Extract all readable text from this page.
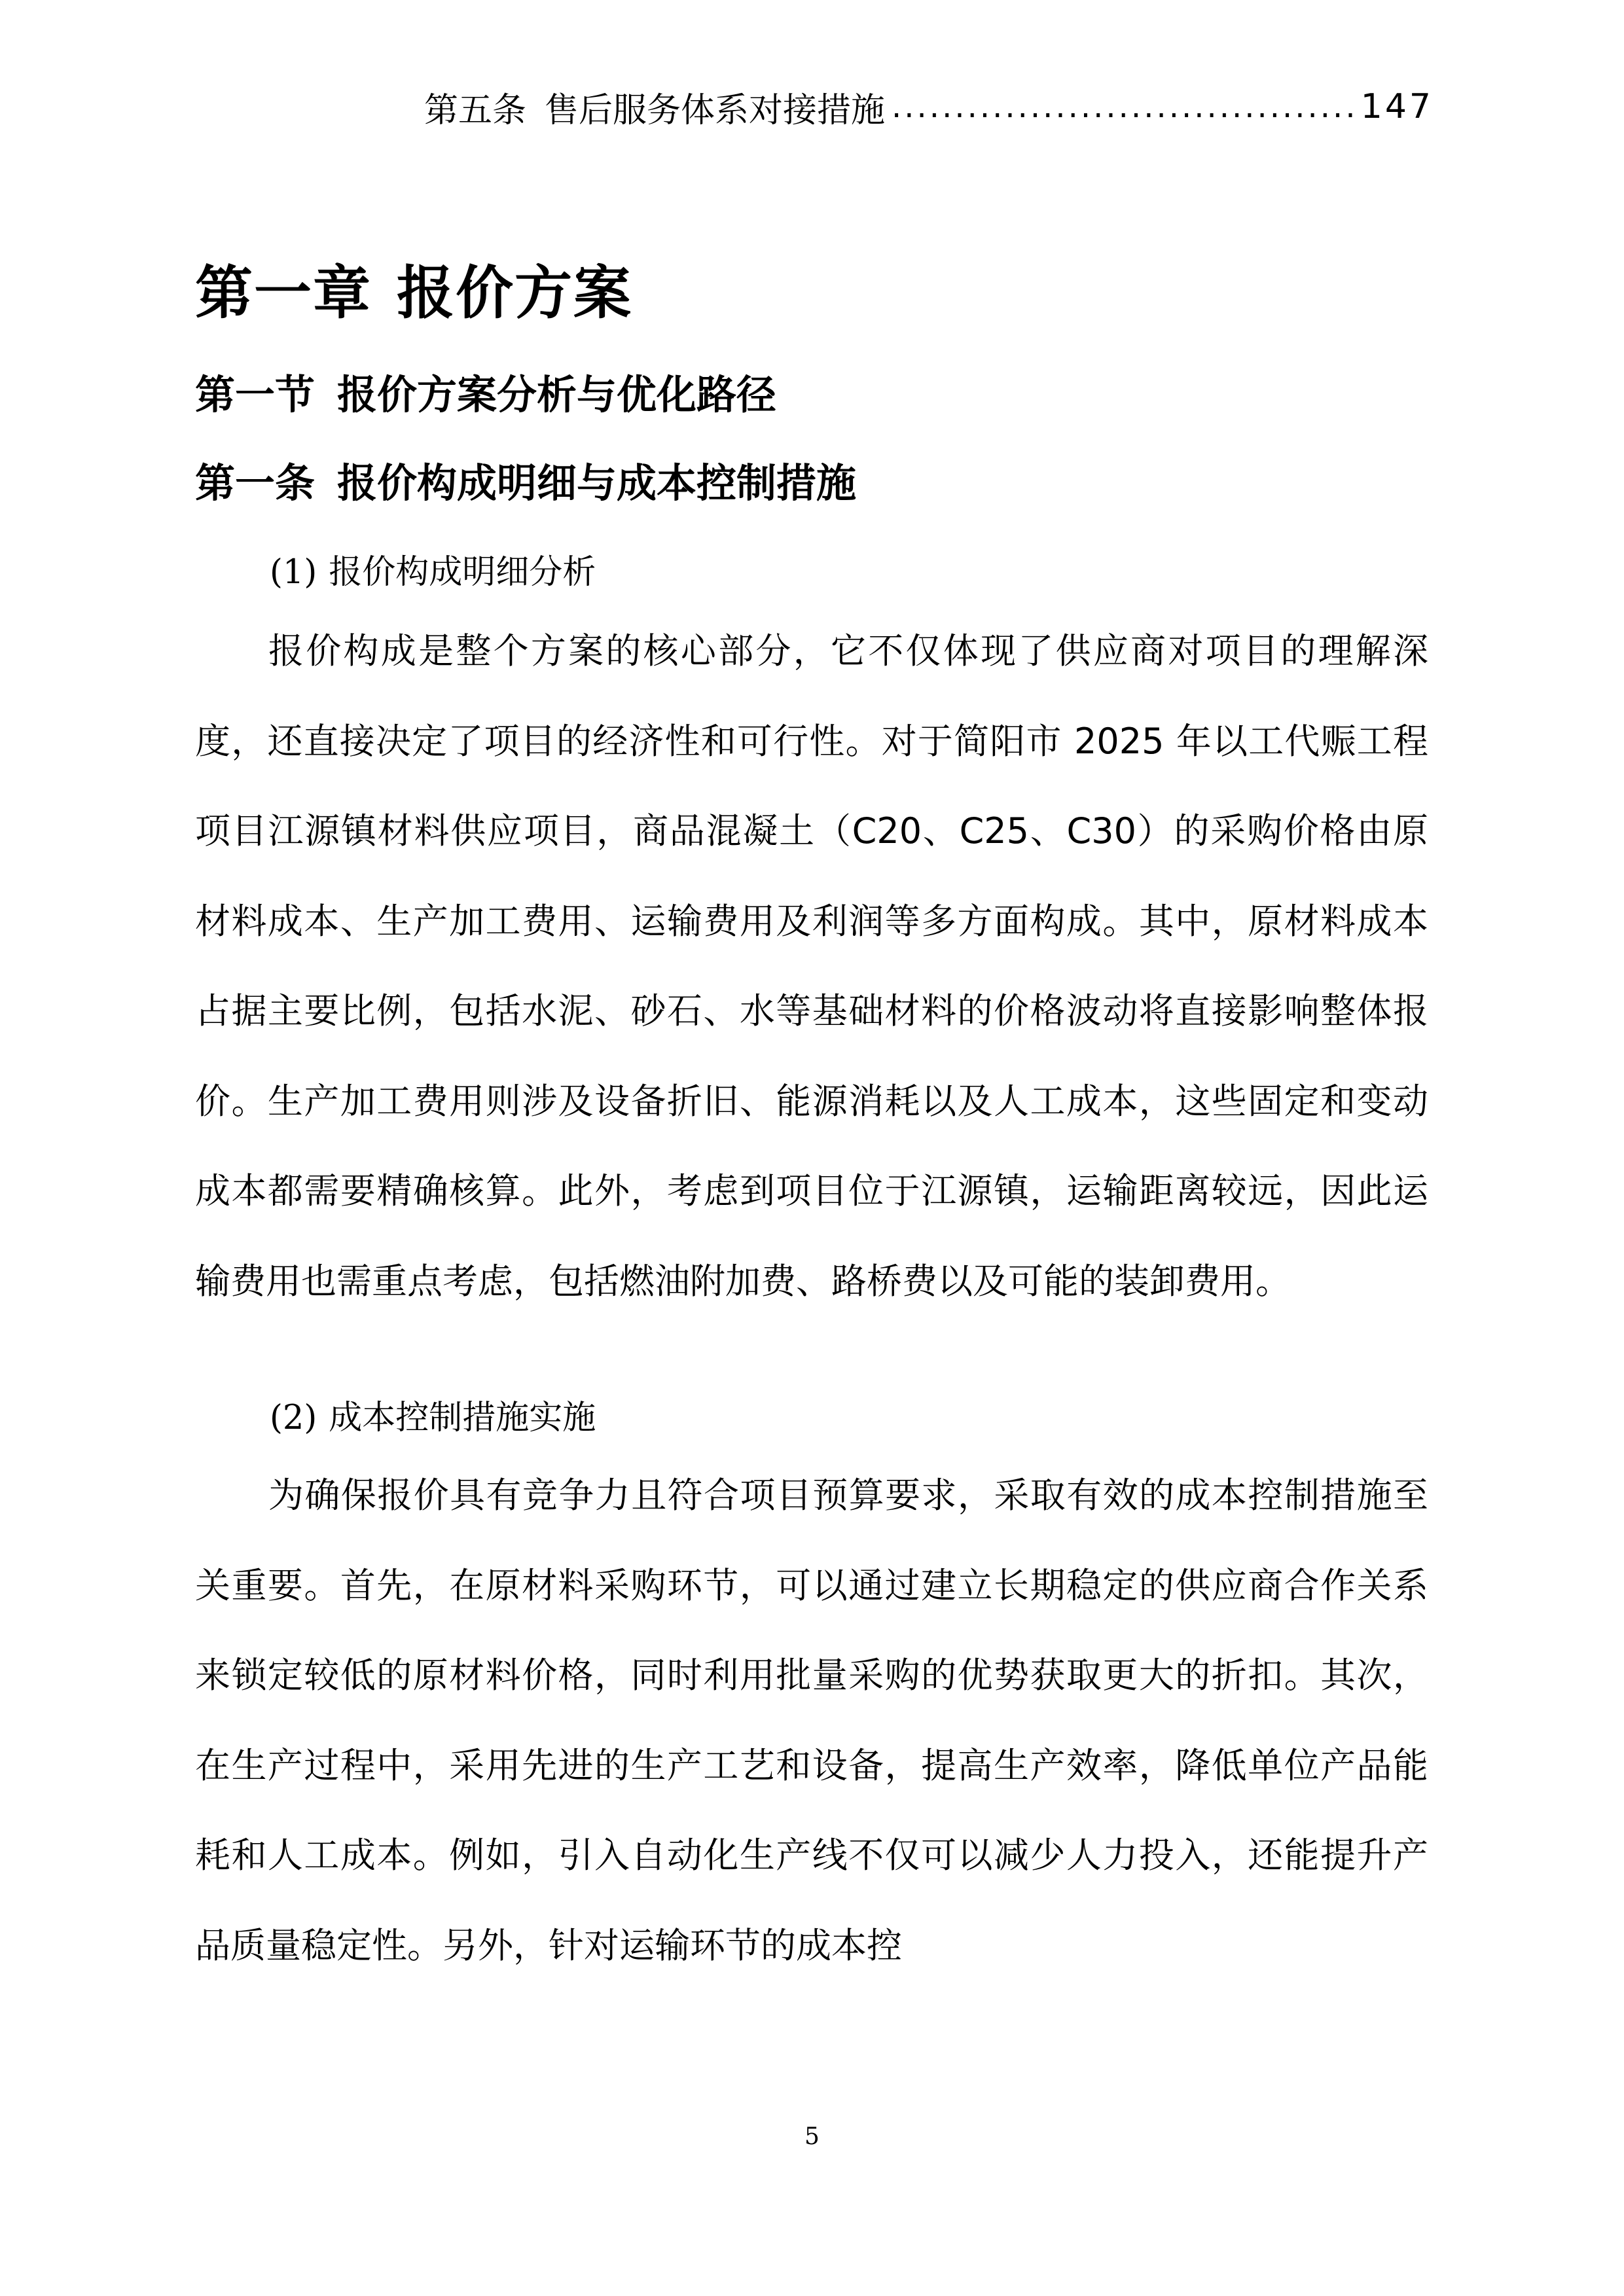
第五条 售后服务体系对接措施
.....	147
第一章 报价方案
第一节 报价方案分析与优化路径
第一条 报价构成明细与成本控制措施
(1) 报价构成明细分析

报价构成是整个方案的核心部分，它不仅体现了供应商对项目的理解深度，还直接决定了项目的经济性和可行性。对于简阳市 2025 年以工代赈工程项目江源镇材料供应项目，商品混凝土（C20、C25、C30）的采购价格由原材料成本、生产加工费用、运输费用及利润等多方面构成。其中，原材料成本占据主要比例，包括水泥、砂石、水等基础材料的价格波动将直接影响整体报价。生产加工费用则涉及设备折旧、能源消耗以及人工成本，这些固定和变动成本都需要精确核算。此外，考虑到项目位于江源镇，运输距离较远，因此运输费用也需重点考虑，包括燃油附加费、路桥费以及可能的装卸费用。

(2) 成本控制措施实施

为确保报价具有竞争力且符合项目预算要求，采取有效的成本控制措施至关重要。首先，在原材料采购环节，可以通过建立长期稳定的供应商合作关系来锁定较低的原材料价格，同时利用批量采购的优势获取更大的折扣。其次，在生产过程中，采用先进的生产工艺和设备，提高生产效率，降低单位产品能耗和人工成本。例如，引入自动化生产线不仅可以减少人力投入，还能提升产品质量稳定性。另外，针对运输环节的成本控

5
